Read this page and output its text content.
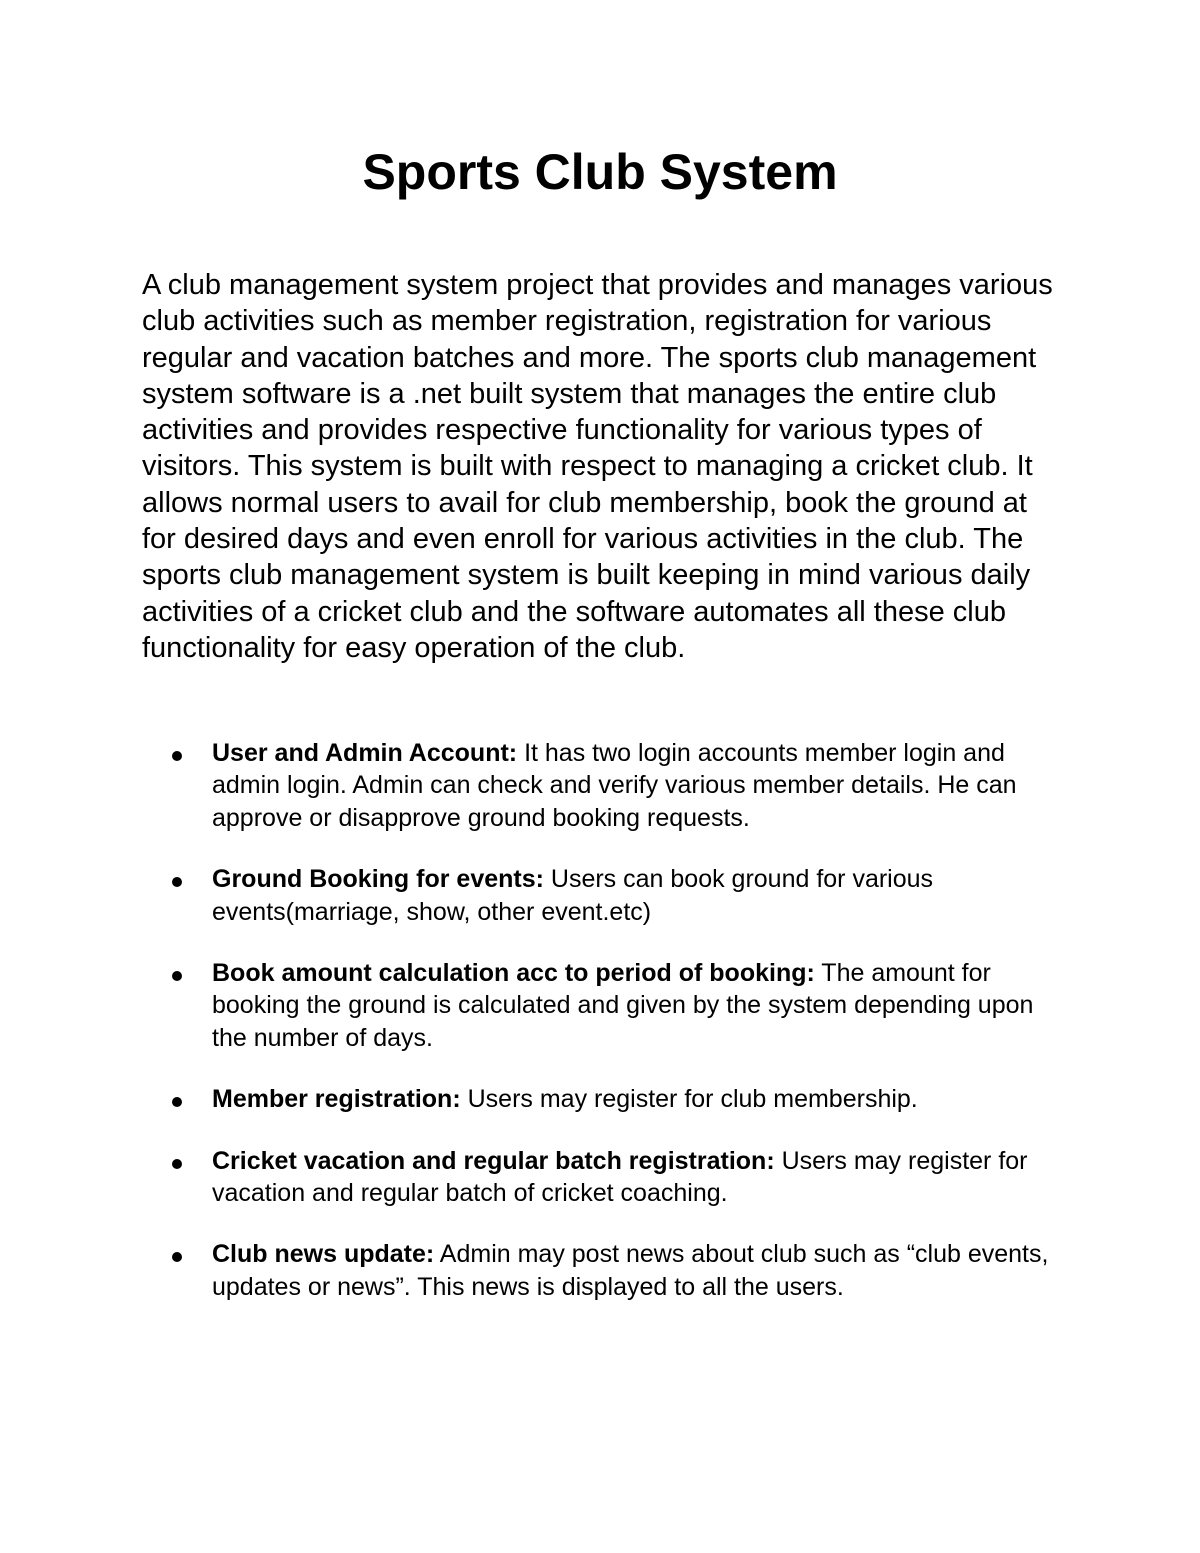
Sports Club System

A club management system project that provides and manages various club activities such as member registration, registration for various regular and vacation batches and more. The sports club management system software is a .net built system that manages the entire club activities and provides respective functionality for various types of visitors. This system is built with respect to managing a cricket club. It allows normal users to avail for club membership, book the ground at for desired days and even enroll for various activities in the club. The sports club management system is built keeping in mind various daily activities of a cricket club and the software automates all these club functionality for easy operation of the club.

User and Admin Account: It has two login accounts member login and admin login. Admin can check and verify various member details. He can approve or disapprove ground booking requests.
Ground Booking for events: Users can book ground for various events(marriage, show, other event.etc)
Book amount calculation acc to period of booking: The amount for booking the ground is calculated and given by the system depending upon the number of days.
Member registration: Users may register for club membership.
Cricket vacation and regular batch registration: Users may register for vacation and regular batch of cricket coaching.
Club news update: Admin may post news about club such as “club events, updates or news”. This news is displayed to all the users.
